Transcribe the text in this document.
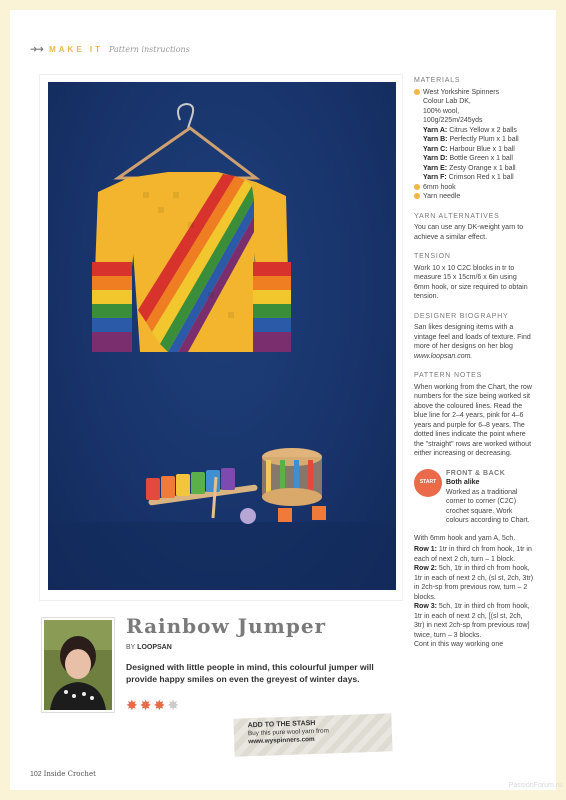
➜➜ MAKE IT Pattern instructions
Rainbow Jumper
BY LOOPSAN
Designed with little people in mind, this colourful jumper will provide happy smiles on even the greyest of winter days.
✸ ✸ ✸ ✸
ADD TO THE STASH
Buy this pure wool yarn from
www.wyspinners.com
102 Inside Crochet
PassionForum.ru
MATERIALS
West Yorkshire Spinners
Colour Lab DK,
100% wool,
100g/225m/245yds
Yarn A: Citrus Yellow x 2 balls
Yarn B: Perfectly Plum x 1 ball
Yarn C: Harbour Blue x 1 ball
Yarn D: Bottle Green x 1 ball
Yarn E: Zesty Orange x 1 ball
Yarn F: Crimson Red x 1 ball
6mm hook
Yarn needle
YARN ALTERNATIVES

You can use any DK-weight yarn to achieve a similar effect.

TENSION

Work 10 x 10 C2C blocks in tr to measure 15 x 15cm/6 x 6in using 6mm hook, or size required to obtain tension.

DESIGNER BIOGRAPHY

San likes designing items with a vintage feel and loads of texture. Find more of her designs on her blog www.loopsan.com.

PATTERN NOTES

When working from the Chart, the row numbers for the size being worked sit above the coloured lines. Read the blue line for 2–4 years, pink for 4–6 years and purple for 6–8 years. The dotted lines indicate the point where the "straight" rows are worked without either increasing or decreasing.

START
FRONT & BACK
Both alike
Worked as a traditional corner to corner (C2C) crochet square. Work colours according to Chart.

With 6mm hook and yarn A, 5ch.

Row 1: 1tr in third ch from hook, 1tr in each of next 2 ch, turn – 1 block.
Row 2: 5ch, 1tr in third ch from hook, 1tr in each of next 2 ch, (sl st, 2ch, 3tr) in 2ch-sp from previous row, turn – 2 blocks.
Row 3: 5ch, 1tr in third ch from hook, 1tr in each of next 2 ch, [(sl st, 2ch, 3tr) in next 2ch-sp from previous row] twice, turn – 3 blocks.
Cont in this way working one
